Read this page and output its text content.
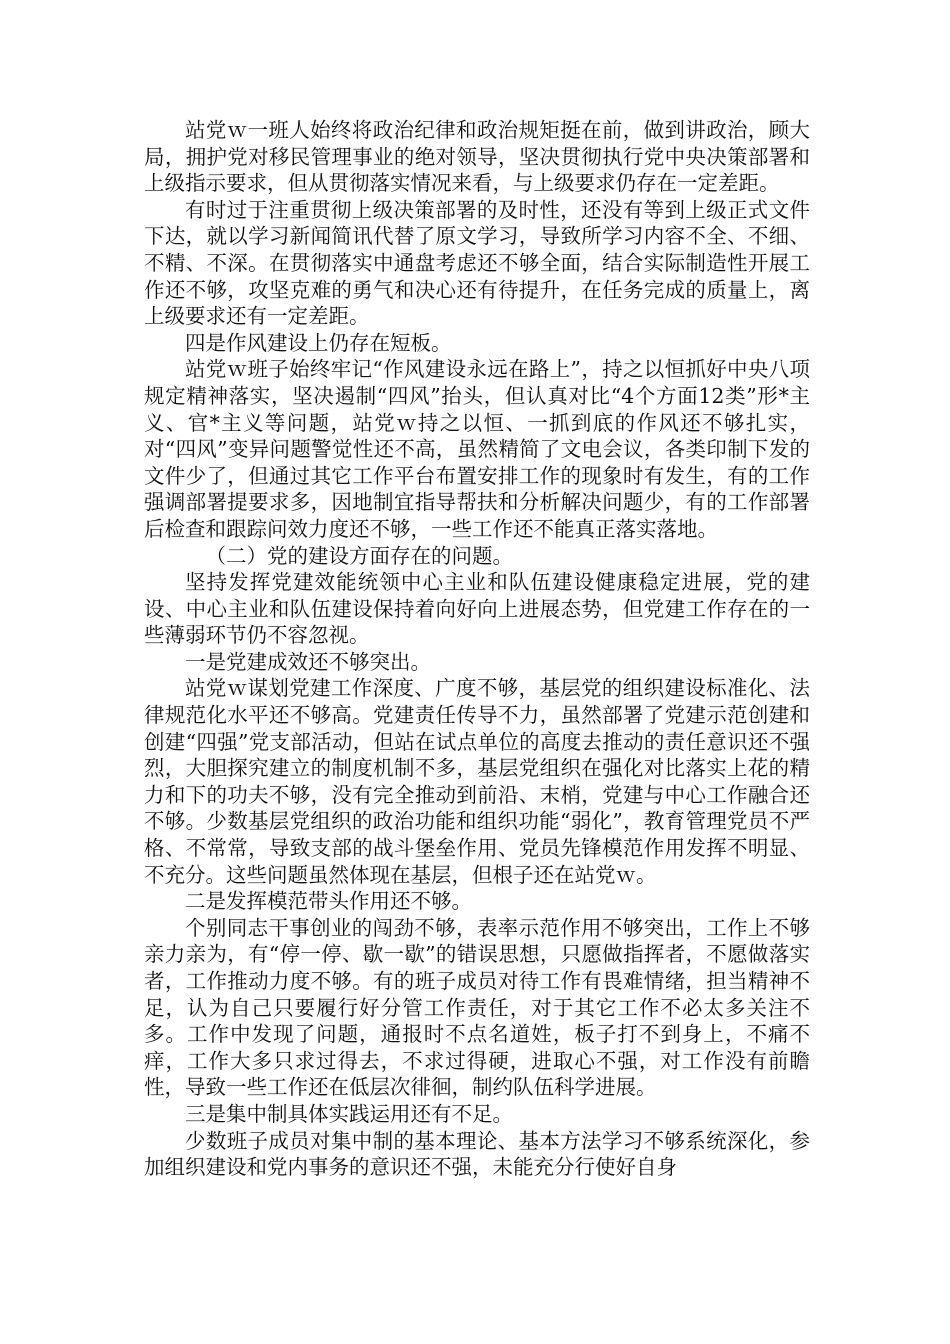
站党ｗ一班人始终将政治纪律和政治规矩挺在前，做到讲政治，顾大局，拥护党对移民管理事业的绝对领导，坚决贯彻执行党中央决策部署和上级指示要求，但从贯彻落实情况来看，与上级要求仍存在一定差距。

有时过于注重贯彻上级决策部署的及时性，还没有等到上级正式文件下达，就以学习新闻简讯代替了原文学习，导致所学习内容不全、不细、不精、不深。在贯彻落实中通盘考虑还不够全面，结合实际制造性开展工作还不够，攻坚克难的勇气和决心还有待提升，在任务完成的质量上，离上级要求还有一定差距。

四是作风建设上仍存在短板。

站党ｗ班子始终牢记“作风建设永远在路上”，持之以恒抓好中央八项规定精神落实，坚决遏制“四风”抬头，但认真对比“4个方面12类”形*主义、官*主义等问题，站党ｗ持之以恒、一抓到底的作风还不够扎实，对“四风”变异问题警觉性还不高，虽然精简了文电会议，各类印制下发的文件少了，但通过其它工作平台布置安排工作的现象时有发生，有的工作强调部署提要求多，因地制宜指导帮扶和分析解决问题少，有的工作部署后检查和跟踪问效力度还不够，一些工作还不能真正落实落地。

（二）党的建设方面存在的问题。

坚持发挥党建效能统领中心主业和队伍建设健康稳定进展，党的建设、中心主业和队伍建设保持着向好向上进展态势，但党建工作存在的一些薄弱环节仍不容忽视。

一是党建成效还不够突出。

站党ｗ谋划党建工作深度、广度不够，基层党的组织建设标准化、法律规范化水平还不够高。党建责任传导不力，虽然部署了党建示范创建和创建“四强”党支部活动，但站在试点单位的高度去推动的责任意识还不强烈，大胆探究建立的制度机制不多，基层党组织在强化对比落实上花的精力和下的功夫不够，没有完全推动到前沿、末梢，党建与中心工作融合还不够。少数基层党组织的政治功能和组织功能“弱化”，教育管理党员不严格、不常常，导致支部的战斗堡垒作用、党员先锋模范作用发挥不明显、不充分。这些问题虽然体现在基层，但根子还在站党ｗ。

二是发挥模范带头作用还不够。

个别同志干事创业的闯劲不够，表率示范作用不够突出，工作上不够亲力亲为，有“停一停、歇一歇”的错误思想，只愿做指挥者，不愿做落实者，工作推动力度不够。有的班子成员对待工作有畏难情绪，担当精神不足，认为自己只要履行好分管工作责任，对于其它工作不必太多关注不多。工作中发现了问题，通报时不点名道姓，板子打不到身上，不痛不痒，工作大多只求过得去，不求过得硬，进取心不强，对工作没有前瞻性，导致一些工作还在低层次徘徊，制约队伍科学进展。

三是集中制具体实践运用还有不足。

少数班子成员对集中制的基本理论、基本方法学习不够系统深化，参加组织建设和党内事务的意识还不强，未能充分行使好自身
